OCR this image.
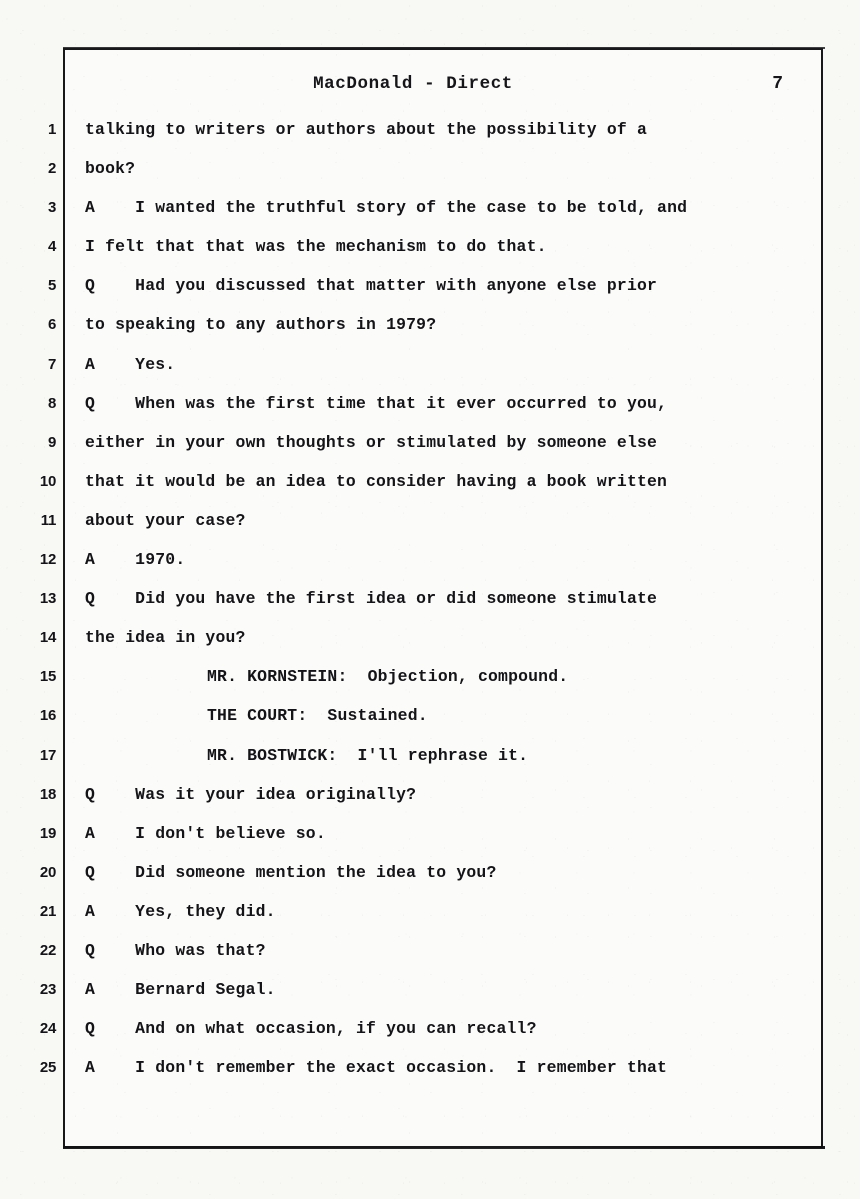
MacDonald - Direct	7
1
2
3
4
5
6
7
8
9
10
11
12
13
14
15
16
17
18
19
20
21
22
23
24
25
talking to writers or authors about the possibility of a
book?
A    I wanted the truthful story of the case to be told, and
I felt that that was the mechanism to do that.
Q    Had you discussed that matter with anyone else prior
to speaking to any authors in 1979?
A    Yes.
Q    When was the first time that it ever occurred to you,
either in your own thoughts or stimulated by someone else
that it would be an idea to consider having a book written
about your case?
A    1970.
Q    Did you have the first idea or did someone stimulate
the idea in you?
MR. KORNSTEIN:  Objection, compound.
THE COURT:  Sustained.
MR. BOSTWICK:  I'll rephrase it.
Q    Was it your idea originally?
A    I don't believe so.
Q    Did someone mention the idea to you?
A    Yes, they did.
Q    Who was that?
A    Bernard Segal.
Q    And on what occasion, if you can recall?
A    I don't remember the exact occasion.  I remember that
